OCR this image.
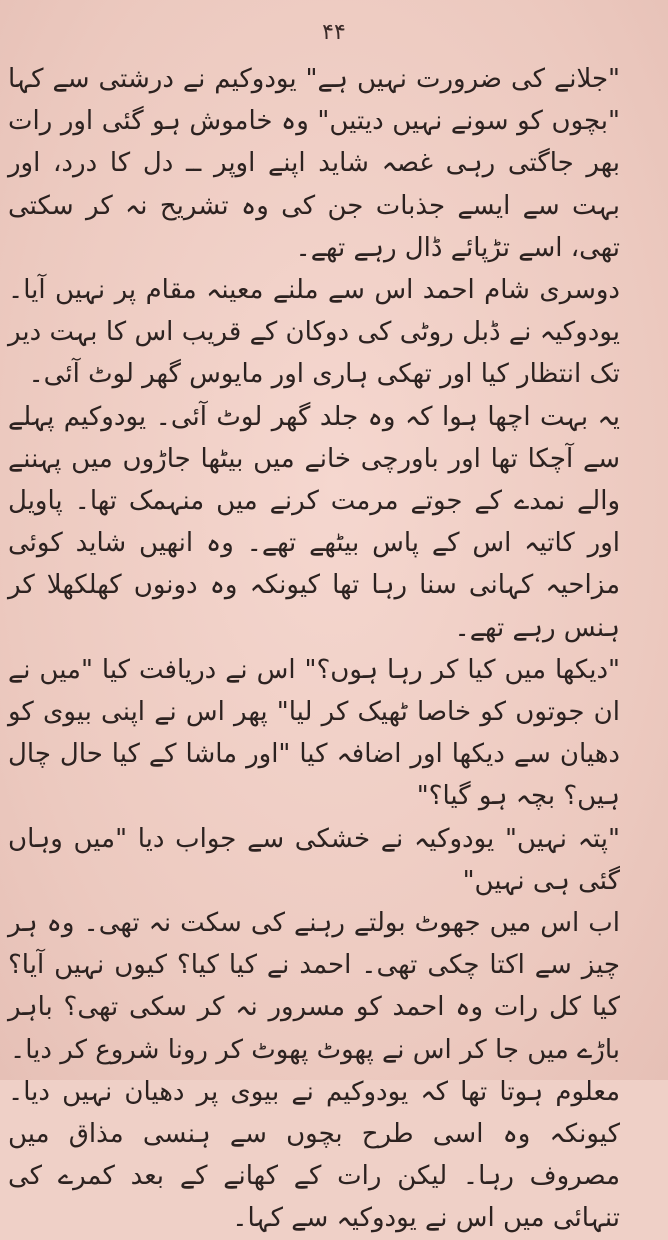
۴۴

"جلانے کی ضرورت نہیں ہے" یودوکیم نے درشتی سے کہا "بچوں کو سونے نہیں دیتیں" وہ خاموش ہو گئی اور رات بھر جاگتی رہی غصہ شاید اپنے اوپر ــ دل کا درد، اور بہت سے ایسے جذبات جن کی وہ تشریح نہ کر سکتی تھی، اسے تڑپائے ڈال رہے تھے۔

دوسری شام احمد اس سے ملنے معینہ مقام پر نہیں آیا۔ یودوکیہ نے ڈبل روٹی کی دوکان کے قریب اس کا بہت دیر تک انتظار کیا اور تھکی ہاری اور مایوس گھر لوٹ آئی۔

یہ بہت اچھا ہوا کہ وہ جلد گھر لوٹ آئی۔ یودوکیم پہلے سے آچکا تھا اور باورچی خانے میں بیٹھا جاڑوں میں پہننے والے نمدے کے جوتے مرمت کرنے میں منہمک تھا۔ پاویل اور کاتیہ اس کے پاس بیٹھے تھے۔ وہ انھیں شاید کوئی مزاحیہ کہانی سنا رہا تھا کیونکہ وہ دونوں کھلکھلا کر ہنس رہے تھے۔

"دیکھا میں کیا کر رہا ہوں؟" اس نے دریافت کیا "میں نے ان جوتوں کو خاصا ٹھیک کر لیا" پھر اس نے اپنی بیوی کو دھیان سے دیکھا اور اضافہ کیا "اور ماشا کے کیا حال چال ہیں؟ بچہ ہو گیا؟"

"پتہ نہیں" یودوکیہ نے خشکی سے جواب دیا "میں وہاں گئی ہی نہیں"

اب اس میں جھوٹ بولتے رہنے کی سکت نہ تھی۔ وہ ہر چیز سے اکتا چکی تھی۔ احمد نے کیا کیا؟ کیوں نہیں آیا؟ کیا کل رات وہ احمد کو مسرور نہ کر سکی تھی؟ باہر باڑے میں جا کر اس نے پھوٹ پھوٹ کر رونا شروع کر دیا۔

معلوم ہوتا تھا کہ یودوکیم نے بیوی پر دھیان نہیں دیا۔ کیونکہ وہ اسی طرح بچوں سے ہنسی مذاق میں مصروف رہا۔ لیکن رات کے کھانے کے بعد کمرے کی تنہائی میں اس نے یودوکیہ سے کہا۔
